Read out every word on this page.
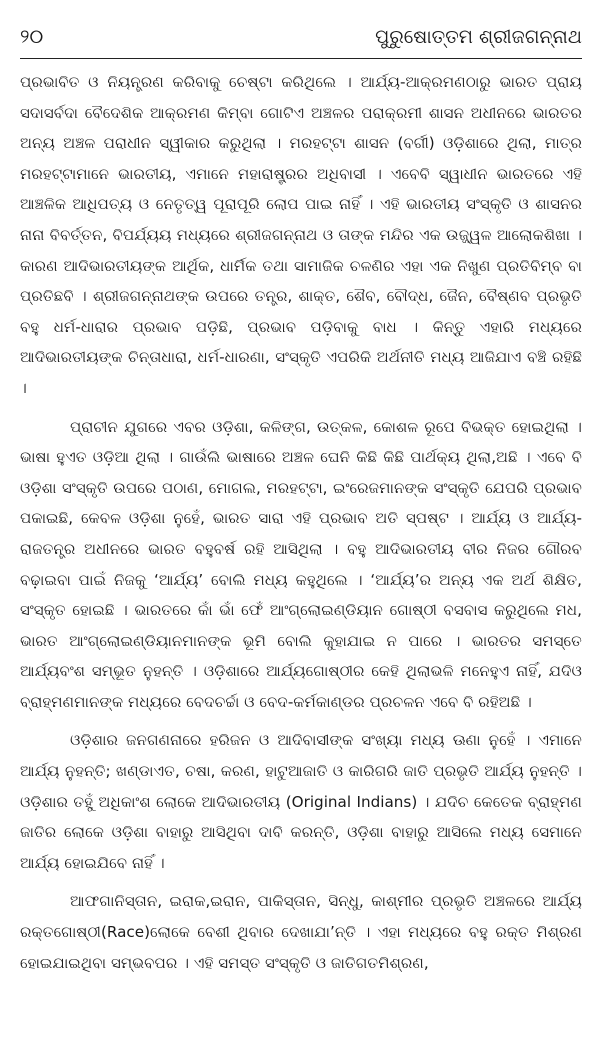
୨୦	ପୁରୁଷୋତ୍ତମ ଶ୍ରୀଜଗନ୍ନାଥ

ପ୍ରଭାବିତ ଓ ନିୟନ୍ତ୍ରଣ କରିବାକୁ ଚେଷ୍ଟା କରିଥିଲେ । ଆର୍ଯ୍ୟ-ଆକ୍ରମଣଠାରୁ ଭାରତ ପ୍ରାୟ ସଦାସର୍ବଦା ବୈଦେଶିକ ଆକ୍ରମଣ କିମ୍ବା ଗୋଟିଏ ଅଞ୍ଚଳର ପରାକ୍ରମୀ ଶାସନ ଅଧୀନରେ ଭାରତର ଅନ୍ୟ ଅଞ୍ଚଳ ପରାଧୀନ ସ୍ୱୀକାର କରୁଥିଲା । ମରହଟ୍ଟା ଶାସନ (ବର୍ଗୀ) ଓଡ଼ିଶାରେ ଥିଲା, ମାତ୍ର ମରହଟ୍ଟାମାନେ ଭାରତୀୟ, ଏମାନେ ମହାରାଷ୍ଟ୍ରର ଅଧିବାସୀ । ଏବେବି ସ୍ୱାଧୀନ ଭାରତରେ ଏହି ଆଞ୍ଚଳିକ ଆଧିପତ୍ୟ ଓ ନେତୃତ୍ୱ ପୂରାପୂରି ଲୋପ ପାଇ ନାହିଁ । ଏହି ଭାରତୀୟ ସଂସ୍କୃତି ଓ ଶାସନର ନାନା ବିବର୍ତ୍ତନ, ବିପର୍ଯ୍ୟୟ ମଧ୍ୟରେ ଶ୍ରୀଜଗନ୍ନାଥ ଓ ତାଙ୍କ ମନ୍ଦିର ଏକ ଉଜ୍ଜ୍ୱଳ ଆଲୋକଶିଖା । କାରଣ ଆଦିଭାରତୀୟଙ୍କ ଆର୍ଥିକ, ଧାର୍ମିକ ତଥା ସାମାଜିକ ଚଳଣିର ଏହା ଏକ ନିଖୁଣ ପ୍ରତିବିମ୍ବ ବା ପ୍ରତିଛବି । ଶ୍ରୀଜଗନ୍ନାଥଙ୍କ ଉପରେ ତନ୍ତ୍ର, ଶାକ୍ତ, ଶୈବ, ବୌଦ୍ଧ, ଜୈନ, ବୈଷ୍ଣବ ପ୍ରଭୃତି ବହୁ ଧର୍ମ-ଧାରାର ପ୍ରଭାବ ପଡ଼ିଛି, ପ୍ରଭାବ ପଡ଼ିବାକୁ ବାଧ । କିନ୍ତୁ ଏହାରି ମଧ୍ୟରେ ଆଦିଭାରତୀୟଙ୍କ ଚିନ୍ତାଧାରା, ଧର୍ମ-ଧାରଣା, ସଂସ୍କୃତି ଏପରିକି ଅର୍ଥନୀତି ମଧ୍ୟ ଆଜିଯାଏ ବଞ୍ଚି ରହିଛି ।

ପ୍ରାଚୀନ ଯୁଗରେ ଏବର ଓଡ଼ିଶା, କଳିଙ୍ଗ, ଉତ୍କଳ, କୋଶଳ ରୂପେ ବିଭକ୍ତ ହୋଇଥିଲା । ଭାଷା ହୁଏତ ଓଡ଼ିଆ ଥିଲା । ଗାଉଁଲି ଭାଷାରେ ଅଞ୍ଚଳ ଘେନି କିଛି କିଛି ପାର୍ଥକ୍ୟ ଥିଲା,ଅଛି । ଏବେ ବି ଓଡ଼ିଶା ସଂସ୍କୃତି ଉପରେ ପଠାଣ, ମୋଗଲ, ମରହଟ୍ଟା, ଇଂରେଜମାନଙ୍କ ସଂସ୍କୃତି ଯେପରି ପ୍ରଭାବ ପକାଇଛି, କେବଳ ଓଡ଼ିଶା ନୁହେଁ, ଭାରତ ସାରା ଏହି ପ୍ରଭାବ ଅତି ସ୍ପଷ୍ଟ । ଆର୍ଯ୍ୟ ଓ ଆର୍ଯ୍ୟ-ରାଜତନ୍ତ୍ର ଅଧୀନରେ ଭାରତ ବହୁବର୍ଷ ରହି ଆସିଥିଲା । ବହୁ ଆଦିଭାରତୀୟ ବୀର ନିଜର ଗୌରବ ବଢ଼ାଇବା ପାଇଁ ନିଜକୁ ‘ଆର୍ଯ୍ୟ’ ବୋଲି ମଧ୍ୟ କହୁଥିଲେ । ‘ଆର୍ଯ୍ୟ’ର ଅନ୍ୟ ଏକ ଅର୍ଥ ଶିକ୍ଷିତ, ସଂସ୍କୃତ ହୋଇଛି । ଭାରତରେ କାଁ ଭାଁ ଫେଁ ଆଂଗ୍ଲୋଇଣ୍ଡିୟାନ ଗୋଷ୍ଠୀ ବସବାସ କରୁଥିଲେ ମଧ, ଭାରତ ଆଂଗ୍ଲୋଇଣ୍ଡିୟାନମାନଙ୍କ ଭୂମି ବୋଲି କୁହାଯାଇ ନ ପାରେ । ଭାରତର ସମସ୍ତେ ଆର୍ଯ୍ୟବଂଶ ସମ୍ଭୂତ ନୁହନ୍ତି । ଓଡ଼ିଶାରେ ଆର୍ଯ୍ୟଗୋଷ୍ଠୀର କେହି ଥିଲାଭଳି ମନେହୁଏ ନାହିଁ, ଯଦିଓ ବ୍ରାହ୍ମଣମାନଙ୍କ ମଧ୍ୟରେ ବେଦଚର୍ଚ୍ଚା ଓ ବେଦ-କର୍ମକାଣ୍ଡର ପ୍ରଚଳନ ଏବେ ବି ରହିଅଛି ।

ଓଡ଼ିଶାର ଜନଗଣନାରେ ହରିଜନ ଓ ଆଦିବାସୀଙ୍କ ସଂଖ୍ୟା ମଧ୍ୟ ଊଣା ନୁହେଁ । ଏମାନେ ଆର୍ଯ୍ୟ ନୁହନ୍ତି; ଖଣ୍ଡାଏତ, ଚଷା, କରଣ, ହାଟୁଆଜାତି ଓ କାରିଗରି ଜାତି ପ୍ରଭୃତି ଆର୍ଯ୍ୟ ନୁହନ୍ତି । ଓଡ଼ିଶାର ତହୁଁ ଅଧିକାଂଶ ଲୋକେ ଆଦିଭାରତୀୟ (Original Indians) । ଯଦିଚ କେତେକ ବ୍ରାହ୍ମଣ ଜାତିର ଲୋକେ ଓଡ଼ିଶା ବାହାରୁ ଆସିଥିବା ଦାବି କରନ୍ତି, ଓଡ଼ିଶା ବାହାରୁ ଆସିଲେ ମଧ୍ୟ ସେମାନେ ଆର୍ଯ୍ୟ ହୋଇଯିବେ ନାହିଁ ।

ଆଫଗାନିସ୍ତାନ, ଇରାକ,ଇରାନ, ପାକିସ୍ତାନ, ସିନ୍ଧୁ, କାଶ୍ମୀର ପ୍ରଭୃତି ଅଞ୍ଚଳରେ ଆର୍ଯ୍ୟ ରକ୍ତଗୋଷ୍ଠୀ(Race)ଲୋକେ ବେଶୀ ଥିବାର ଦେଖାଯା’ନ୍ତି । ଏହା ମଧ୍ୟରେ ବହୁ ରକ୍ତ ମିଶ୍ରଣ ହୋଇଯାଇଥିବା ସମ୍ଭବପର । ଏହି ସମସ୍ତ ସଂସ୍କୃତି ଓ ଜାତିଗତମିଶ୍ରଣ,
